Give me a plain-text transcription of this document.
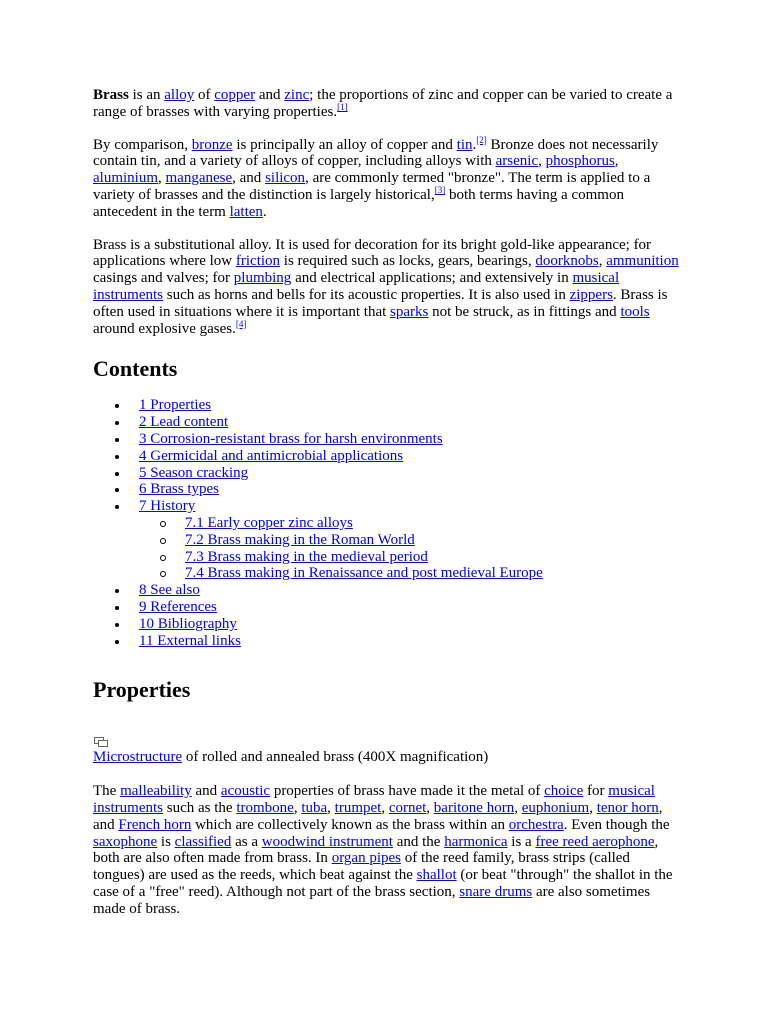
Brass is an alloy of copper and zinc; the proportions of zinc and copper can be varied to create a range of brasses with varying properties.[1]

By comparison, bronze is principally an alloy of copper and tin.[2] Bronze does not necessarily contain tin, and a variety of alloys of copper, including alloys with arsenic, phosphorus, aluminium, manganese, and silicon, are commonly termed "bronze". The term is applied to a variety of brasses and the distinction is largely historical,[3] both terms having a common antecedent in the term latten.

Brass is a substitutional alloy. It is used for decoration for its bright gold-like appearance; for applications where low friction is required such as locks, gears, bearings, doorknobs, ammunition casings and valves; for plumbing and electrical applications; and extensively in musical instruments such as horns and bells for its acoustic properties. It is also used in zippers. Brass is often used in situations where it is important that sparks not be struck, as in fittings and tools around explosive gases.[4]

Contents
1 Properties
2 Lead content
3 Corrosion-resistant brass for harsh environments
4 Germicidal and antimicrobial applications
5 Season cracking
6 Brass types
7 History
7.1 Early copper zinc alloys
7.2 Brass making in the Roman World
7.3 Brass making in the medieval period
7.4 Brass making in Renaissance and post medieval Europe
8 See also
9 References
10 Bibliography
11 External links
Properties

Microstructure of rolled and annealed brass (400X magnification)

The malleability and acoustic properties of brass have made it the metal of choice for musical instruments such as the trombone, tuba, trumpet, cornet, baritone horn, euphonium, tenor horn, and French horn which are collectively known as the brass within an orchestra. Even though the saxophone is classified as a woodwind instrument and the harmonica is a free reed aerophone, both are also often made from brass. In organ pipes of the reed family, brass strips (called tongues) are used as the reeds, which beat against the shallot (or beat "through" the shallot in the case of a "free" reed). Although not part of the brass section, snare drums are also sometimes made of brass.
